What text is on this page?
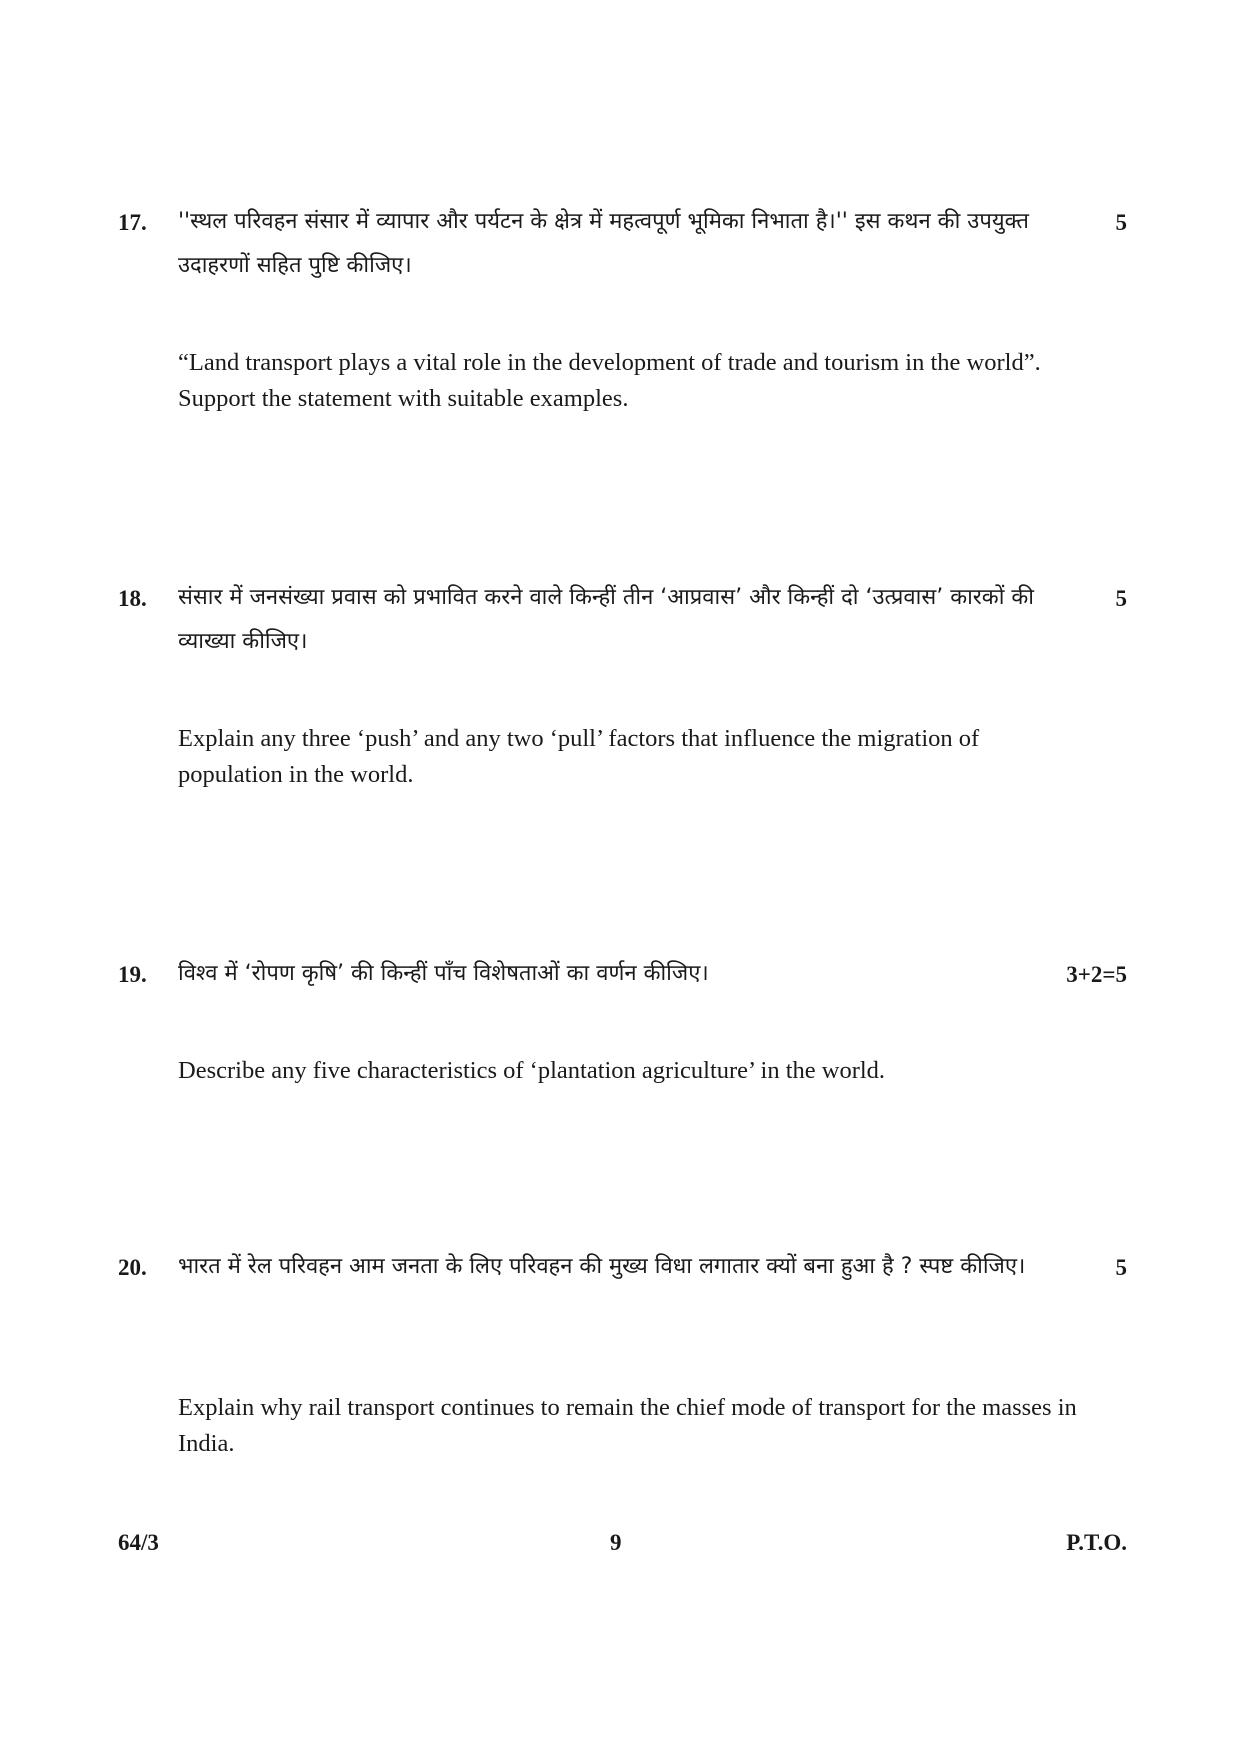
17. ''स्थल परिवहन संसार में व्यापार और पर्यटन के क्षेत्र में महत्वपूर्ण भूमिका निभाता है।'' इस कथन की उपयुक्त उदाहरणों सहित पुष्टि कीजिए।
5
“Land transport plays a vital role in the development of trade and tourism in the world”. Support the statement with suitable examples.
18. संसार में जनसंख्या प्रवास को प्रभावित करने वाले किन्हीं तीन ‘आप्रवास’ और किन्हीं दो ‘उत्प्रवास’ कारकों की व्याख्या कीजिए।
5
Explain any three ‘push’ and any two ‘pull’ factors that influence the migration of population in the world.
19. विश्व में ‘रोपण कृषि’ की किन्हीं पाँच विशेषताओं का वर्णन कीजिए।	3+2=5
Describe any five characteristics of ‘plantation agriculture’ in the world.
20. भारत में रेल परिवहन आम जनता के लिए परिवहन की मुख्य विधा लगातार क्यों बना हुआ है ? स्पष्ट कीजिए।	5
Explain why rail transport continues to remain the chief mode of transport for the masses in India.
64/3	9	P.T.O.
